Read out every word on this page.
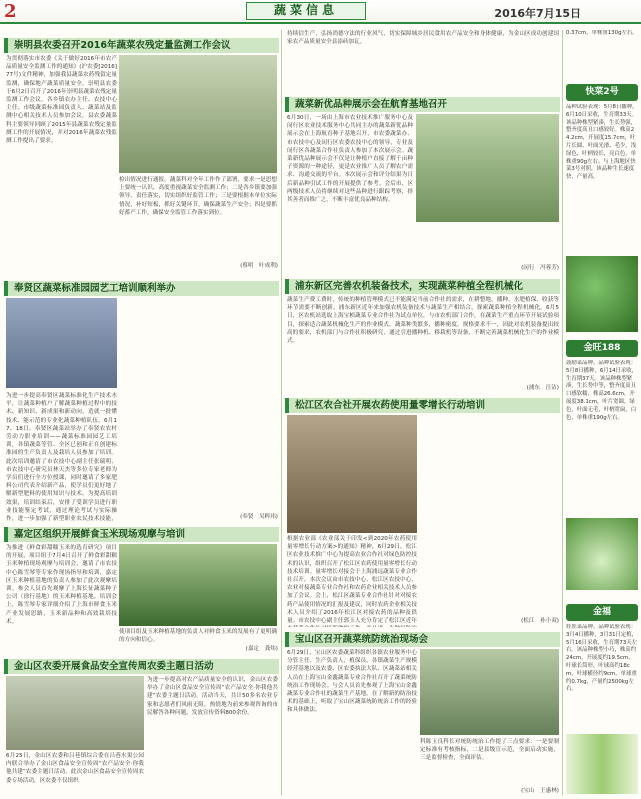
2	蔬菜信息	2016年7月15日
崇明县农委召开2016年蔬菜农残定量监测工作会议
为贯彻落实市农委《关于做好2016年市农产品质量安全监测工作的通知》(沪农委[2016]77号)文件精神，加强我县蔬菜农药残留定量监测，确保地产蔬菜质量安全，崇明县农委于6月2日召开了2016年崇明县蔬菜农残定量监测工作会议，各乡镇农办主任、农技中心主任、市级蔬菜标准园负责人、蔬菜站及监测中心相关技术人员参加会议。县农委蔬菜科主要领导回顾了2015年县蔬菜农残定量监测工作的开展情况，并对2016年蔬菜农残监测工作提出了要求。
检出情况进行通报，蔬菜科对全年工作作了部署，要求一是思想上要统一认识，高度重视蔬菜安全监测工作；二是各乡镇要加强领导，责任落实，切实组织好监管工作；三是要根据本单位实际情况，补好短板，抓好关键环节，确保蔬菜生产安全；四是要抓好蓄产工作，确保安全监管工作落实到位。
(蔡明　叶成利)
蔬菜新优品种展示会在航育基地召开
6月30日，一场由上海市农业技术推广服务中心及闵行区农业技术服务中心共同主办的蔬菜新优品种展示会在上海航育种子基地召开，市农委蔬菜办、市农技中心及闵行区农委农技中心的领导，专业及闵行区各蔬菜合作社负责人参加了本次展示会。蔬菜新优品种展示会不仅是让种植户直接了解千亩种子资源的一种途径，更是农业推广人员了解农户需求、沟通交流的平台。本次展示会和评分结果为日后新品种引试工作的开展提供了参考。会后市、区两级技术人员将继续对这些品种进行跟踪考察，择其善者而推广之，不断丰富优良品种结构。
(闵行　冯蓉芳)
持续信生产，弘扬尚德守法的行业风气，切实保障城乡居民食用农产品安全和身体健康，为金山区成功创建国家农产品质量安全县添砖加瓦。
奉贤区蔬菜标准园园艺工培训顺利举办
为进一步提高奉贤区蔬菜标准化生产技术水平，让蔬菜种植户了解蔬菜种植过程中的技术、新知识、新成果和新动向，造就一批懂技术、能示范的专业化蔬菜种植队伍。6月17、18日，奉贤区蔬菜站举办了奉贤农农村劳动力职业培训——蔬菜标准园园艺工培训，各镇蔬菜等管、全区已创和正在创建标准园的生产负责人及栽培人员参加了培训。此次培训邀请了市农技中心副主任张瑞明、市农技中心研究员林天杰等多位专家老师为学员们进行全方位授课，同时邀请了多家肥料公司代表介绍新产品，使学员们更好地了解新型肥料的使用知识与技术。为提高培训效果，培训结束后，安排了受训学员进行职业技能鉴定考试，通过理论考试与实际操作，进一步加强了新型职业农民技术技能，	(奉贤　吴粹玮)
浦东新区完善农机装备技术，实现蔬菜种植全程机械化
蔬菜生产费工费时，传统的种植管理模式已不能满足当前合作社的需求，在耕整地、播种、水肥植保、收获等环节需要不断创新。浦东新区近年来加强农机装备技术与蔬菜生产相结合，探索蔬菜种植全程机械化。6月5日，区农机站选取上海宝桢蔬菜专业合作社为试点单位，与市农机部门合作，在蔬菜生产重点环节开展试验项目，探索适合蔬菜机械化生产的作业模式。蔬菜种类繁多，播种密度、规格要求不一，因此对农机装备提出较高的要求，农机部门与合作社积极研究，通过引进播种机、移栽机等设备，不断完善蔬菜机械化生产的作业模式。
(浦东　汪洁)
嘉定区组织开展鲜食玉米现场观摩与培训
为推进《鲜食彩甜糯玉米的选育研究》项目的开展，项目组于7月4日召开了鲜食彩甜糯玉米种植现场观摩与培训会，邀请了市农技中心陈雪琴等专家作现场指导和培训，嘉定区玉米种植基地的负责人参加了此次观摩培训。参会人员首先观摩了上海长征蔬菜种子公司（徐行基地）的玉米种植基地。培训会上，陈雪琴专家详细介绍了上海市鲜食玉米产业发展思路，玉米新品种和高效栽培技术。
使项目组及玉米种植基地的负责人对鲜食玉米的发展有了更明确的方向和信心。
(嘉定　龚炜)
松江区农合社开展农药使用量零增长行动培训
根据农业部《农业部关于印发<到2020年农药使用量零增长行动方案>的通知》精神，6月29日，松江区农业技术推广中心为提高农业合作社对绿色防控技术的认识，组织召开了松江区农药使用量零增长行动技术培训。量零增长对接会于上海浦远蔬菜专业合作社召开，本次会议由市农技中心、松江区农技中心、农业对接蔬菜专业合作社和农药企业相关技术人员参加了会议。会上，松江区蔬菜专业合作社针对对接农药产品使用情况的汇报及建议，同时农药企业相关技术人员介绍了2016年松江区对接农药的品种及供量。市农技中心副主任郭玉人充分肯定了松江区近年	(松江　孙小双)
金山区农委开展食品安全宣传周农委主题日活动
6月25日，金山区农委和吕巷镇综合委在吕巷水果公园内联合举办了金山区食品安全宣传周“农产品安全·你我他共建”农委主题日活动。此次金山区食品安全宣传周农委专场活动，区农委不仅组织
为进一步提高对农产品质量安全的认识，金山区农委举办了金山区食品安全宣传周“农产品安全·你我他共建”农委主题日活动。活动当天，共计50多名农业专家和志愿者们风雨无阻，热情地为前来参观咨询的市民解答各种问题，发放宣传资料800余份。
宝山区召开蔬菜统防统治现场会
6月29日，宝山区农委蔬菜科组织各镇农业服务中心分管主任、生产负责人、植保员、各镇蔬菜生产规模经营基地以及农委、区农委执法大队、区蔬菜站相关人员在上海宝山金鑫蔬菜专业合作社召开了蔬菜统防统治工作现场会。与会人员首先参观了上海宝山金鑫蔬菜专业合作社的蔬菜生产基地，在了解新的防治技术的基础上，听取了宝山区蔬菜统防统治工作的经验和具体做法。
科陈玉良科长对统防统治工作提了三点要求：一是要制定标准有考核指标，二是县级宣示范，全面启动实施，三是监督检查，全面评估。
(宝山　王惠林)
0.37cm，单株重130g左右。
快菜2号
品种试验表现：5月8日播种，6月10日采收，生育期33天。该品种株型紧凑，生长势强，整齐度高且口感较好。株高24.2cm，开展度15.7cm，叶片长圆、叶面光滑、毛少，浅绿色，叶柄较长，亮白色，单株重90g左右。与上海地区快菜3号对照，该品种生长速度快，产量高。
金旺188
鼓励菜品种。品种试验表现：5月8日播种，6月14日采收，生育期37天。该品种株型紧凑，生长势中等，整齐度高且口感软糯，株高26.6cm，开展度38.1cm，叶片宽圆，绿色，叶面无毛，叶柄宽扁，白色，单株重190g左右。
金福
娃娃菜品种。品种试验表现：3月4日播种，3月31日定植，5月16日采收，生育期73天左右。该品种株型小巧，株高约24cm，开展度约19.5cm，叶球长筒形，叶球高约18cm，叶球横径约9cm，单球重约0.7kg，产量约2500kg左右。
